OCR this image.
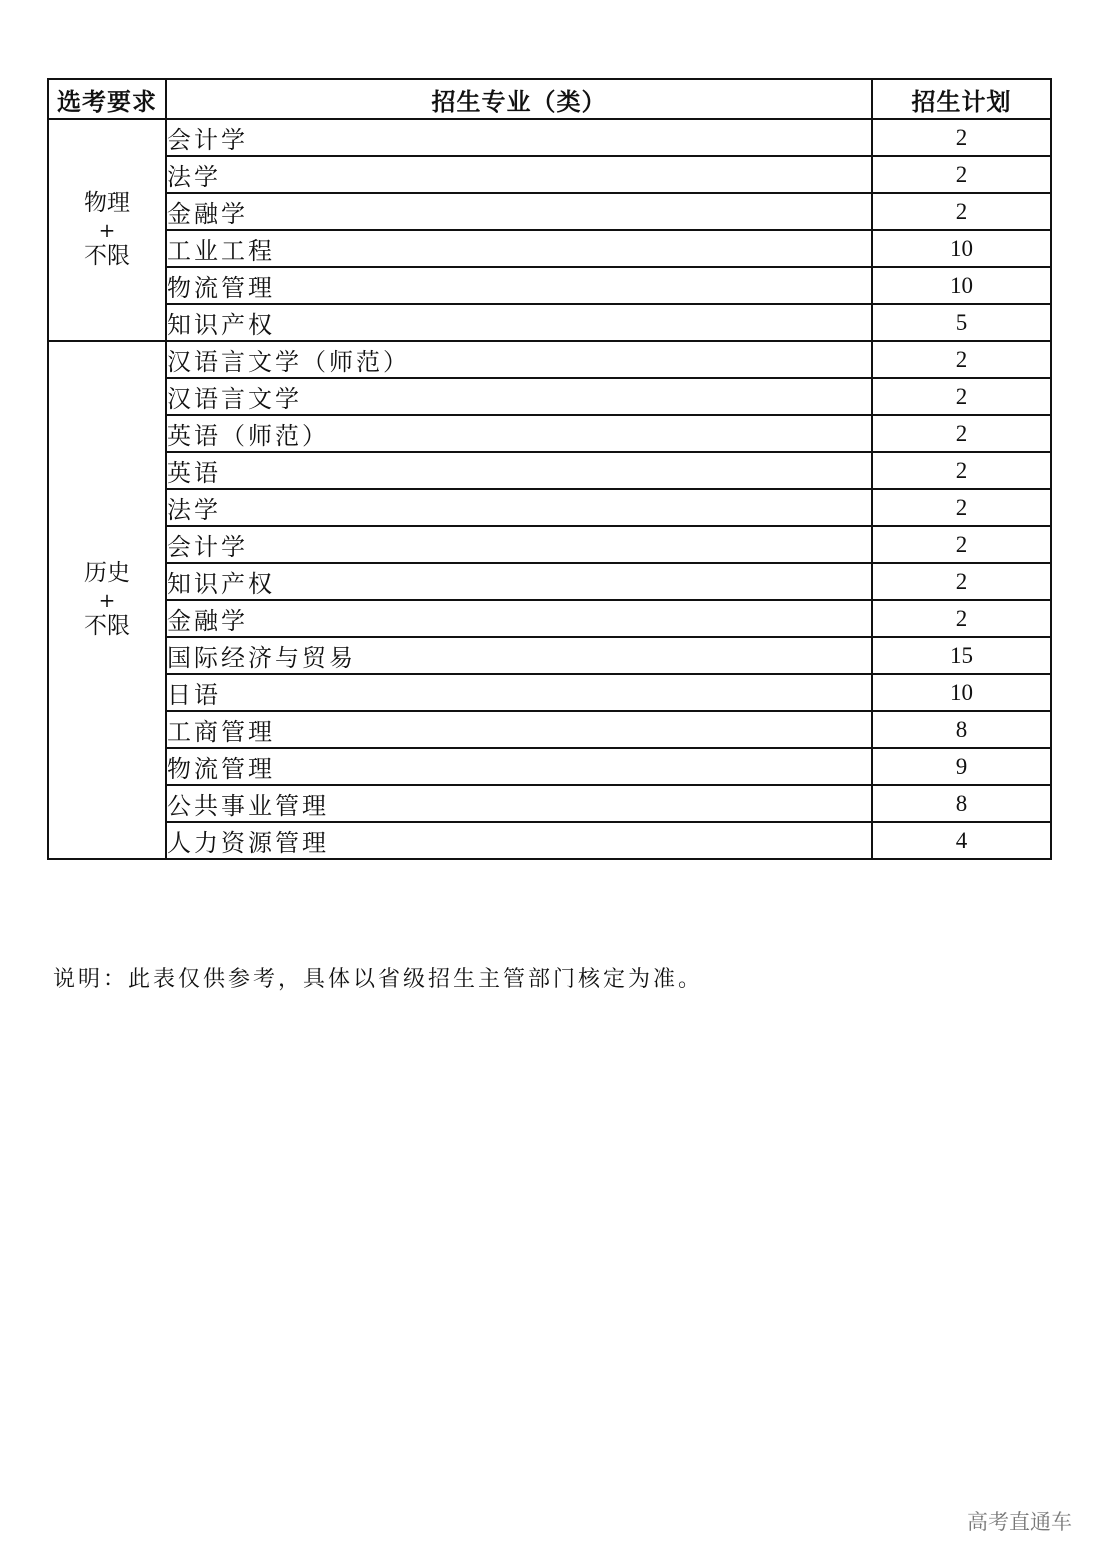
选考要求	招生专业（类）	招生计划

物理
+
不限	会计学	2
	法学	2
	金融学	2
	工业工程	10
	物流管理	10
	知识产权	5

历史
+
不限	汉语言文学（师范）	2
	汉语言文学	2
	英语（师范）	2
	英语	2
	法学	2
	会计学	2
	知识产权	2
	金融学	2
	国际经济与贸易	15
	日语	10
	工商管理	8
	物流管理	9
	公共事业管理	8
	人力资源管理	4
说明：此表仅供参考，具体以省级招生主管部门核定为准。
高考直通车
